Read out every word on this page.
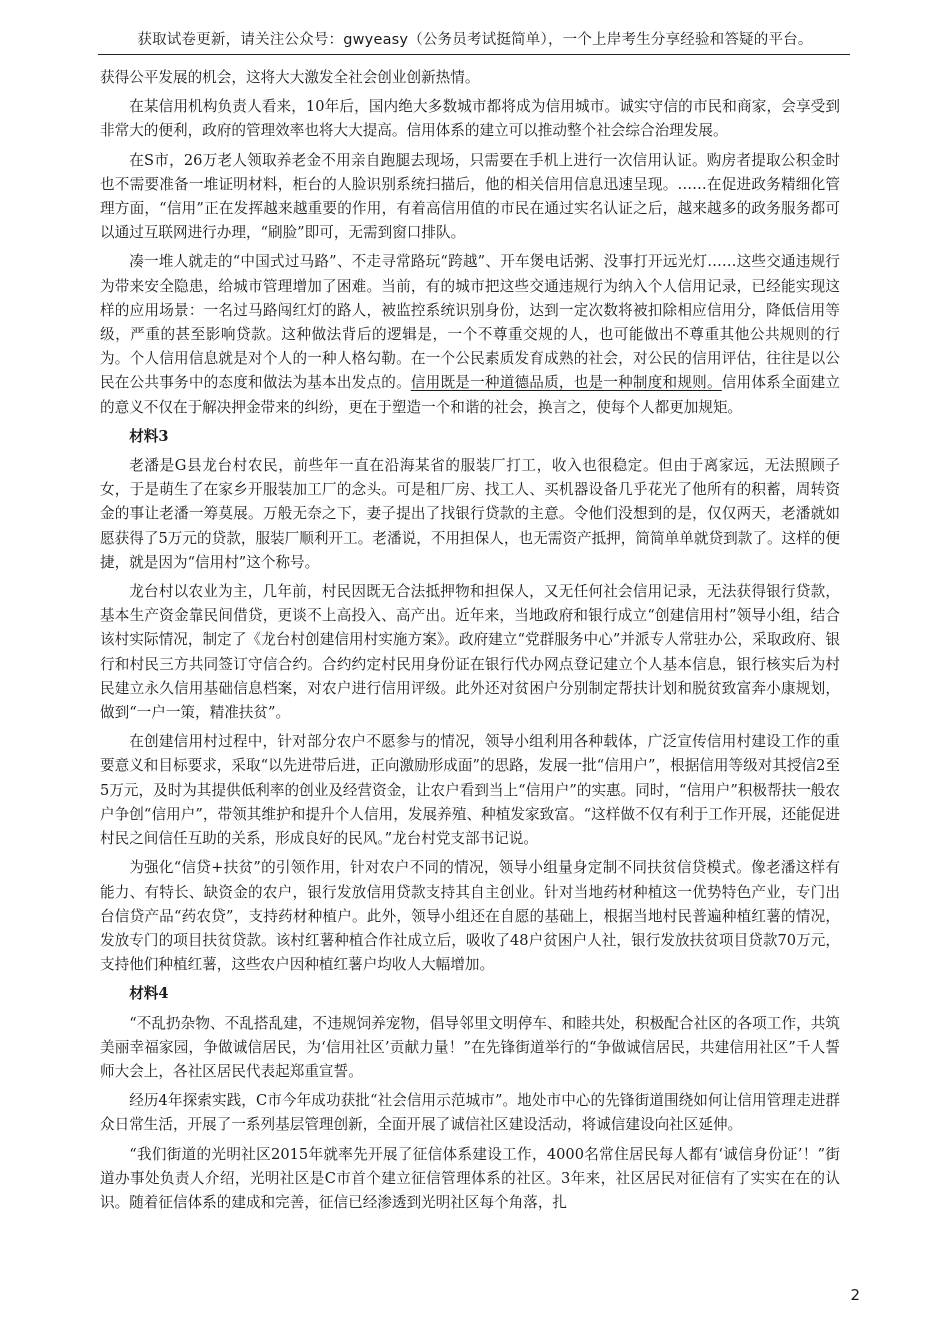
获取试卷更新，请关注公众号：gwyeasy（公务员考试挺简单），一个上岸考生分享经验和答疑的平台。

获得公平发展的机会，这将大大激发全社会创业创新热情。

在某信用机构负责人看来，10年后，国内绝大多数城市都将成为信用城市。诚实守信的市民和商家，会享受到非常大的便利，政府的管理效率也将大大提高。信用体系的建立可以推动整个社会综合治理发展。

在S市，26万老人领取养老金不用亲自跑腿去现场，只需要在手机上进行一次信用认证。购房者提取公积金时也不需要准备一堆证明材料，柜台的人脸识别系统扫描后，他的相关信用信息迅速呈现。……在促进政务精细化管理方面，“信用”正在发挥越来越重要的作用，有着高信用值的市民在通过实名认证之后，越来越多的政务服务都可以通过互联网进行办理，“刷脸”即可，无需到窗口排队。

凑一堆人就走的“中国式过马路”、不走寻常路玩“跨越”、开车煲电话粥、没事打开远光灯……这些交通违规行为带来安全隐患，给城市管理增加了困难。当前，有的城市把这些交通违规行为纳入个人信用记录，已经能实现这样的应用场景：一名过马路闯红灯的路人，被监控系统识别身份，达到一定次数将被扣除相应信用分，降低信用等级，严重的甚至影响贷款。这种做法背后的逻辑是，一个不尊重交规的人，也可能做出不尊重其他公共规则的行为。个人信用信息就是对个人的一种人格勾勒。在一个公民素质发育成熟的社会，对公民的信用评估，往往是以公民在公共事务中的态度和做法为基本出发点的。信用既是一种道德品质，也是一种制度和规则。信用体系全面建立的意义不仅在于解决押金带来的纠纷，更在于塑造一个和谐的社会，换言之，使每个人都更加规矩。

材料3

老潘是G县龙台村农民，前些年一直在沿海某省的服装厂打工，收入也很稳定。但由于离家远，无法照顾子女，于是萌生了在家乡开服装加工厂的念头。可是租厂房、找工人、买机器设备几乎花光了他所有的积蓄，周转资金的事让老潘一筹莫展。万般无奈之下，妻子提出了找银行贷款的主意。令他们没想到的是，仅仅两天，老潘就如愿获得了5万元的贷款，服装厂顺利开工。老潘说，不用担保人，也无需资产抵押，简简单单就贷到款了。这样的便捷，就是因为“信用村”这个称号。

龙台村以农业为主，几年前，村民因既无合法抵押物和担保人，又无任何社会信用记录，无法获得银行贷款，基本生产资金靠民间借贷，更谈不上高投入、高产出。近年来，当地政府和银行成立“创建信用村”领导小组，结合该村实际情况，制定了《龙台村创建信用村实施方案》。政府建立“党群服务中心”并派专人常驻办公，采取政府、银行和村民三方共同签订守信合约。合约约定村民用身份证在银行代办网点登记建立个人基本信息，银行核实后为村民建立永久信用基础信息档案，对农户进行信用评级。此外还对贫困户分别制定帮扶计划和脱贫致富奔小康规划，做到“一户一策，精准扶贫”。

在创建信用村过程中，针对部分农户不愿参与的情况，领导小组利用各种载体，广泛宣传信用村建设工作的重要意义和目标要求，采取“以先进带后进，正向激励形成面”的思路，发展一批“信用户”，根据信用等级对其授信2至5万元，及时为其提供低利率的创业及经营资金，让农户看到当上“信用户”的实惠。同时，“信用户”积极帮扶一般农户争创“信用户”，带领其维护和提升个人信用，发展养殖、种植发家致富。“这样做不仅有利于工作开展，还能促进村民之间信任互助的关系，形成良好的民风。”龙台村党支部书记说。

为强化“信贷+扶贫”的引领作用，针对农户不同的情况，领导小组量身定制不同扶贫信贷模式。像老潘这样有能力、有特长、缺资金的农户，银行发放信用贷款支持其自主创业。针对当地药材种植这一优势特色产业，专门出台信贷产品“药农贷”，支持药材种植户。此外，领导小组还在自愿的基础上，根据当地村民普遍种植红薯的情况，发放专门的项目扶贫贷款。该村红薯种植合作社成立后，吸收了48户贫困户人社，银行发放扶贫项目贷款70万元，支持他们种植红薯，这些农户因种植红薯户均收人大幅增加。

材料4

“不乱扔杂物、不乱搭乱建，不违规饲养宠物，倡导邻里文明停车、和睦共处，积极配合社区的各项工作，共筑美丽幸福家园，争做诚信居民，为‘信用社区’贡献力量！”在先锋街道举行的“争做诚信居民，共建信用社区”千人誓师大会上，各社区居民代表起郑重宣誓。

经历4年探索实践，C市今年成功获批“社会信用示范城市”。地处市中心的先锋街道围绕如何让信用管理走进群众日常生活，开展了一系列基层管理创新，全面开展了诚信社区建设活动，将诚信建设向社区延伸。

“我们街道的光明社区2015年就率先开展了征信体系建设工作，4000名常住居民每人都有‘诚信身份证’！”街道办事处负责人介绍，光明社区是C市首个建立征信管理体系的社区。3年来，社区居民对征信有了实实在在的认识。随着征信体系的建成和完善，征信已经渗透到光明社区每个角落，扎

2
